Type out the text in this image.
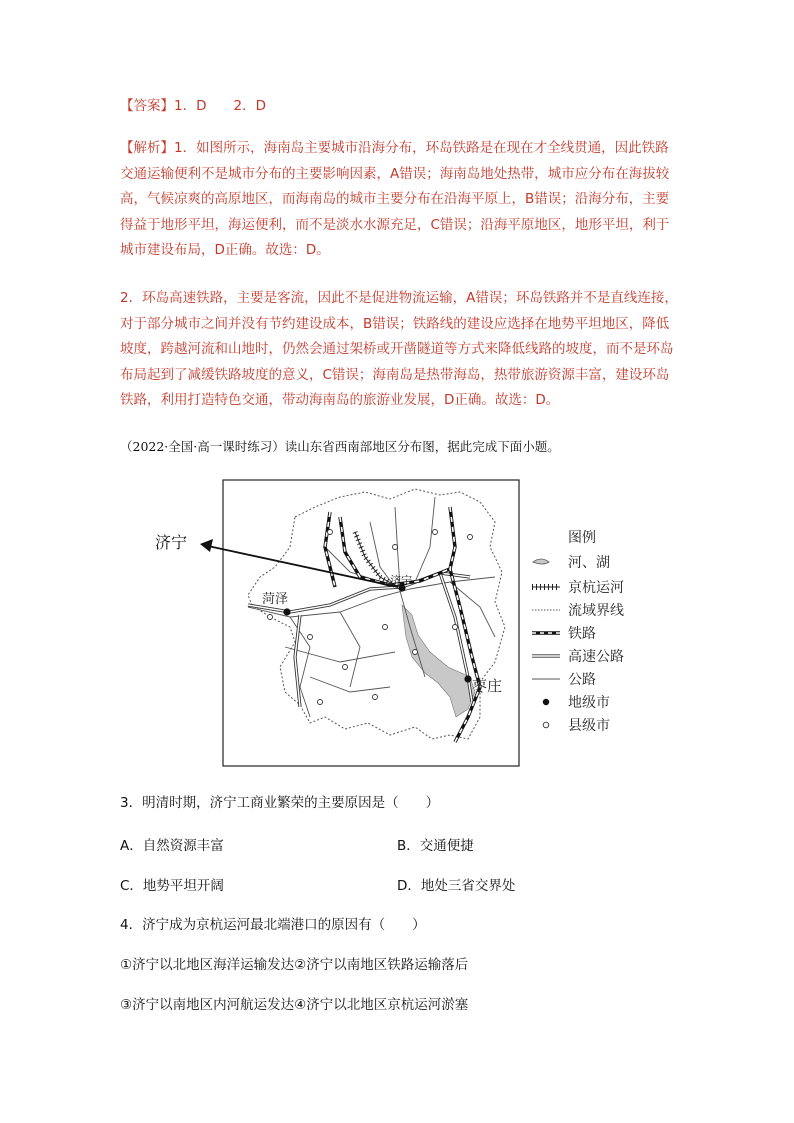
【答案】1．D　　2．D

【解析】1．如图所示，海南岛主要城市沿海分布，环岛铁路是在现在才全线贯通，因此铁路交通运输便利不是城市分布的主要影响因素，A错误；海南岛地处热带，城市应分布在海拔较高，气候凉爽的高原地区，而海南岛的城市主要分布在沿海平原上，B错误；沿海分布，主要得益于地形平坦，海运便利，而不是淡水水源充足，C错误；沿海平原地区，地形平坦，利于城市建设布局，D正确。故选：D。

2．环岛高速铁路，主要是客流，因此不是促进物流运输，A错误；环岛铁路并不是直线连接，对于部分城市之间并没有节约建设成本，B错误；铁路线的建设应选择在地势平坦地区，降低坡度，跨越河流和山地时，仍然会通过架桥或开凿隧道等方式来降低线路的坡度，而不是环岛布局起到了减缓铁路坡度的意义，C错误；海南岛是热带海岛，热带旅游资源丰富，建设环岛铁路，利用打造特色交通，带动海南岛的旅游业发展，D正确。故选：D。

（2022·全国·高一课时练习）读山东省西南部地区分布图，据此完成下面小题。

济宁
菏泽
济宁
枣庄
图例
河、湖
京杭运河
流域界线
铁路
高速公路
公路
地级市
县级市

3．明清时期，济宁工商业繁荣的主要原因是（　　）

A．自然资源丰富	B．交通便捷
C．地势平坦开阔	D．地处三省交界处

4．济宁成为京杭运河最北端港口的原因有（　　）

①济宁以北地区海洋运输发达②济宁以南地区铁路运输落后

③济宁以南地区内河航运发达④济宁以北地区京杭运河淤塞
